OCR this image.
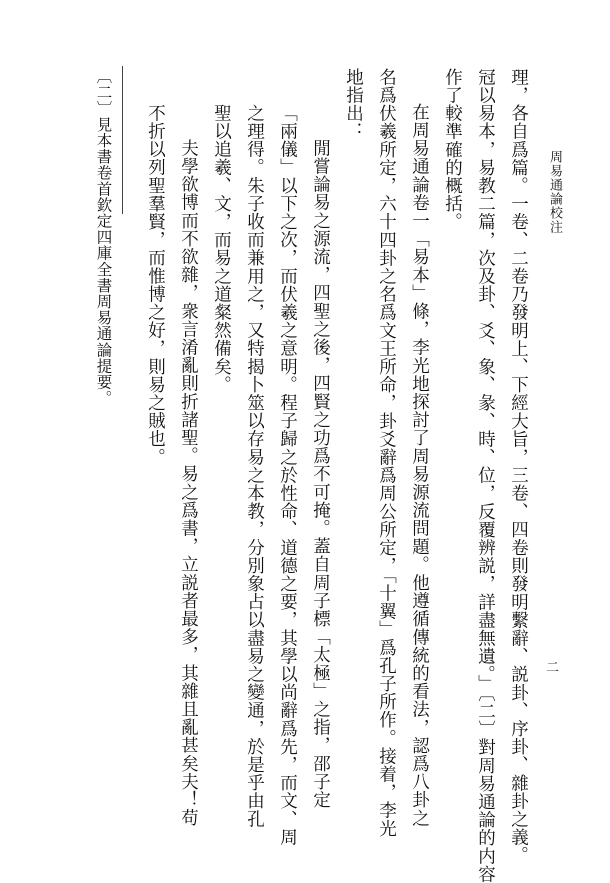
周易通論校注
二
理，各自爲篇。一卷、二卷乃發明上、下經大旨，三卷、四卷則發明繫辭、説卦、序卦、雜卦之義。
冠以易本，易教二篇，次及卦、爻、象、彖、時、位，反覆辨説，詳盡無遺。」〔二〕對周易通論的内容
作了較準確的概括。
在周易通論卷一「易本」條，李光地探討了周易源流問題。他遵循傳統的看法，認爲八卦之
名爲伏羲所定，六十四卦之名爲文王所命，卦爻辭爲周公所定，「十翼」爲孔子所作。接着，李光
地指出：
閒嘗論易之源流，四聖之後，四賢之功爲不可掩。蓋自周子標「太極」之指，邵子定
「兩儀」以下之次，而伏羲之意明。程子歸之於性命、道德之要，其學以尚辭爲先，而文、周
之理得。朱子收而兼用之，又特揭卜筮以存易之本教，分別象占以盡易之變通，於是乎由孔
聖以追羲、文，而易之道粲然備矣。
夫學欲博而不欲雜，衆言淆亂則折諸聖。易之爲書，立説者最多，其雜且亂甚矣夫！苟
不折以列聖羣賢，而惟博之好，則易之賊也。
〔二〕見本書卷首欽定四庫全書周易通論提要。
